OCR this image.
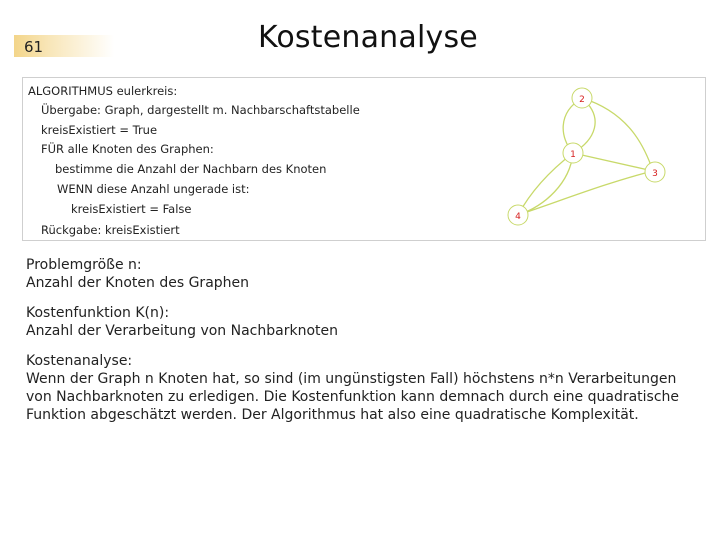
61	Kostenanalyse
ALGORITHMUS eulerkreis:
Übergabe: Graph, dargestellt m. Nachbarschaftstabelle
kreisExistiert = True
FÜR alle Knoten des Graphen:
bestimme die Anzahl der Nachbarn des Knoten
WENN diese Anzahl ungerade ist:
kreisExistiert = False
Rückgabe: kreisExistiert
2
1
3
4
Problemgröße n:
Anzahl der Knoten des Graphen
Kostenfunktion K(n):
Anzahl der Verarbeitung von Nachbarknoten
Kostenanalyse:
Wenn der Graph n Knoten hat, so sind (im ungünstigsten Fall) höchstens n*n Verarbeitungen
von Nachbarknoten zu erledigen. Die Kostenfunktion kann demnach durch eine quadratische
Funktion abgeschätzt werden. Der Algorithmus hat also eine quadratische Komplexität.
